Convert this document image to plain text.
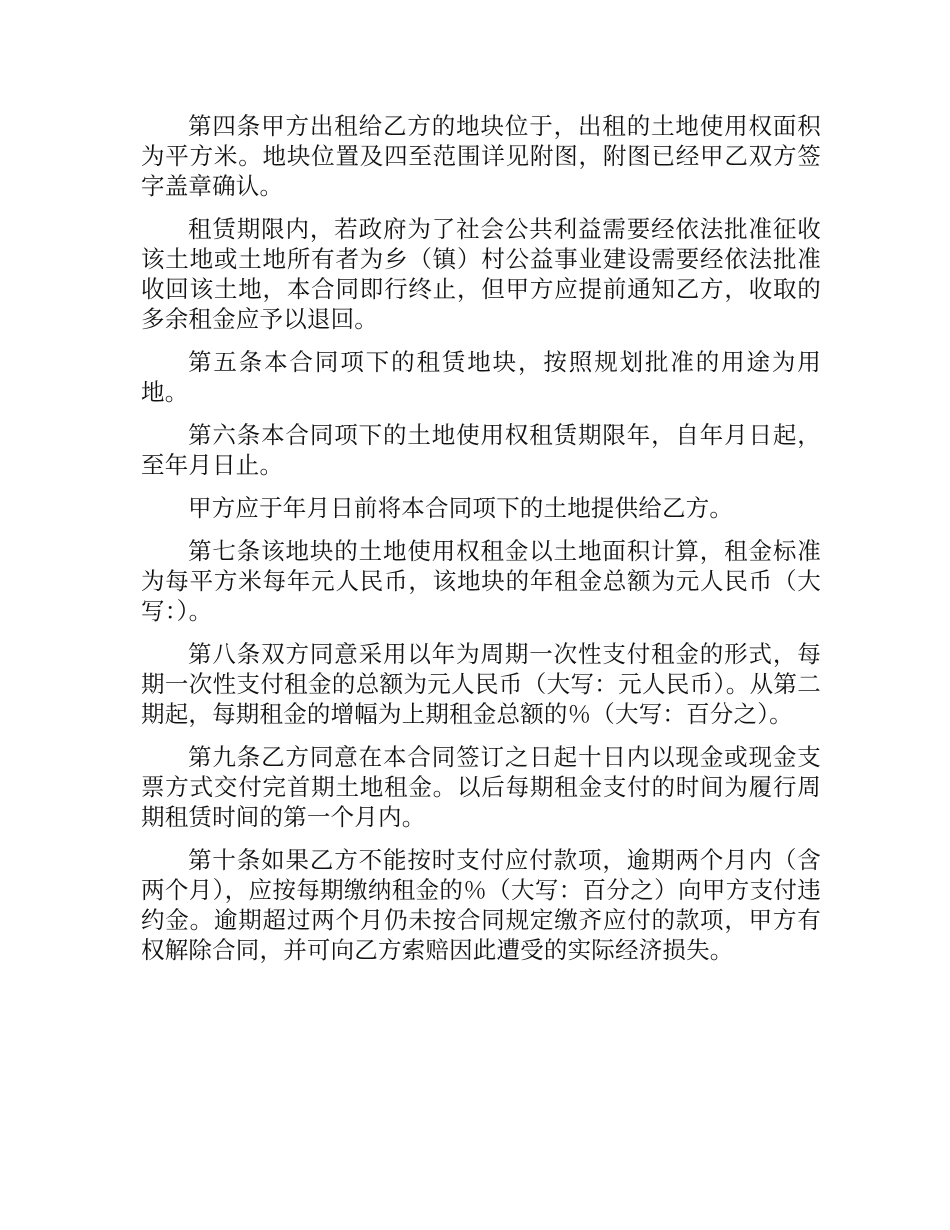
第四条甲方出租给乙方的地块位于，出租的土地使用权面积为平方米。地块位置及四至范围详见附图，附图已经甲乙双方签字盖章确认。

租赁期限内，若政府为了社会公共利益需要经依法批准征收该土地或土地所有者为乡（镇）村公益事业建设需要经依法批准收回该土地，本合同即行终止，但甲方应提前通知乙方，收取的多余租金应予以退回。

第五条本合同项下的租赁地块，按照规划批准的用途为用地。

第六条本合同项下的土地使用权租赁期限年，自年月日起，至年月日止。

甲方应于年月日前将本合同项下的土地提供给乙方。

第七条该地块的土地使用权租金以土地面积计算，租金标准为每平方米每年元人民币，该地块的年租金总额为元人民币（大写：）。

第八条双方同意采用以年为周期一次性支付租金的形式，每期一次性支付租金的总额为元人民币（大写：元人民币）。从第二期起，每期租金的增幅为上期租金总额的％（大写：百分之）。

第九条乙方同意在本合同签订之日起十日内以现金或现金支票方式交付完首期土地租金。以后每期租金支付的时间为履行周期租赁时间的第一个月内。

第十条如果乙方不能按时支付应付款项，逾期两个月内（含两个月），应按每期缴纳租金的％（大写：百分之）向甲方支付违约金。逾期超过两个月仍未按合同规定缴齐应付的款项，甲方有权解除合同，并可向乙方索赔因此遭受的实际经济损失。
